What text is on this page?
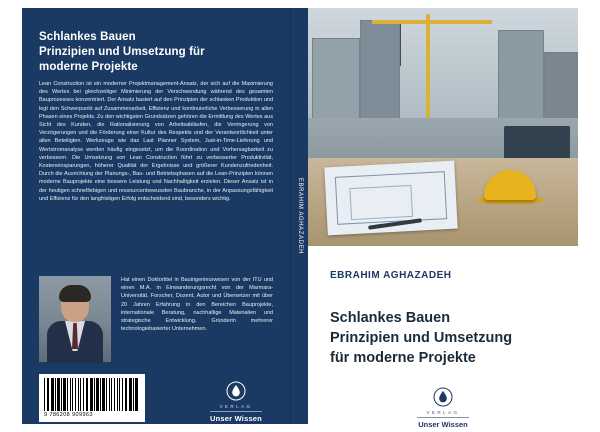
Schlankes Bauen
Prinzipien und Umsetzung für
moderne Projekte
Lean Construction ist ein moderner Projektmanagement-Ansatz, der sich auf die Maximierung des Wertes bei gleichzeitiger Minimierung der Verschwendung während des gesamten Bauprozesses konzentriert. Der Ansatz basiert auf den Prinzipien der schlanken Produktion und legt den Schwerpunkt auf Zusammenarbeit, Effizienz und kontinuierliche Verbesserung in allen Phasen eines Projekts. Zu den wichtigsten Grundsätzen gehören die Ermittlung des Wertes aus Sicht des Kunden, die Rationalisierung von Arbeitsabläufen, die Verringerung von Verzögerungen und die Förderung einer Kultur des Respekts und der Verantwortlichkeit unter allen Beteiligten. Werkzeuge wie das Last Planner System, Just-in-Time-Lieferung und Wertstromanalyse werden häufig eingesetzt, um die Koordination und Vorhersagbarkeit zu verbessern. Die Umsetzung von Lean Construction führt zu verbesserter Produktivität, Kosteneinsparungen, höherer Qualität der Ergebnisse und größerer Kundenzufriedenheit. Durch die Ausrichtung der Planungs-, Bau- und Betriebsphasen auf die Lean-Prinzipien können moderne Bauprojekte eine bessere Leistung und Nachhaltigkeit erzielen. Dieser Ansatz ist in der heutigen schnelllebigen und ressourcenbewussten Baubranche, in der Anpassungsfähigkeit und Effizienz für den langfristigen Erfolg entscheidend sind, besonders wichtig.
Hat einen Doktortitel in Bauingenieurwesen von der ITU und einen M.A. in Einwanderungsrecht von der Marmara-Universität. Forscher, Dozent, Autor und Übersetzer mit über 20 Jahren Erfahrung in den Bereichen Bauprojekte, internationale Beratung, nachhaltige Materialien und strategische Entwicklung. Gründerin mehrerer technologiebasierter Unternehmen.
9 786208 909963
VERLAG
Unser Wissen
EBRAHIM AGHAZADEH
EBRAHIM AGHAZADEH
Schlankes Bauen
Prinzipien und Umsetzung
für moderne Projekte
VERLAG
Unser Wissen
